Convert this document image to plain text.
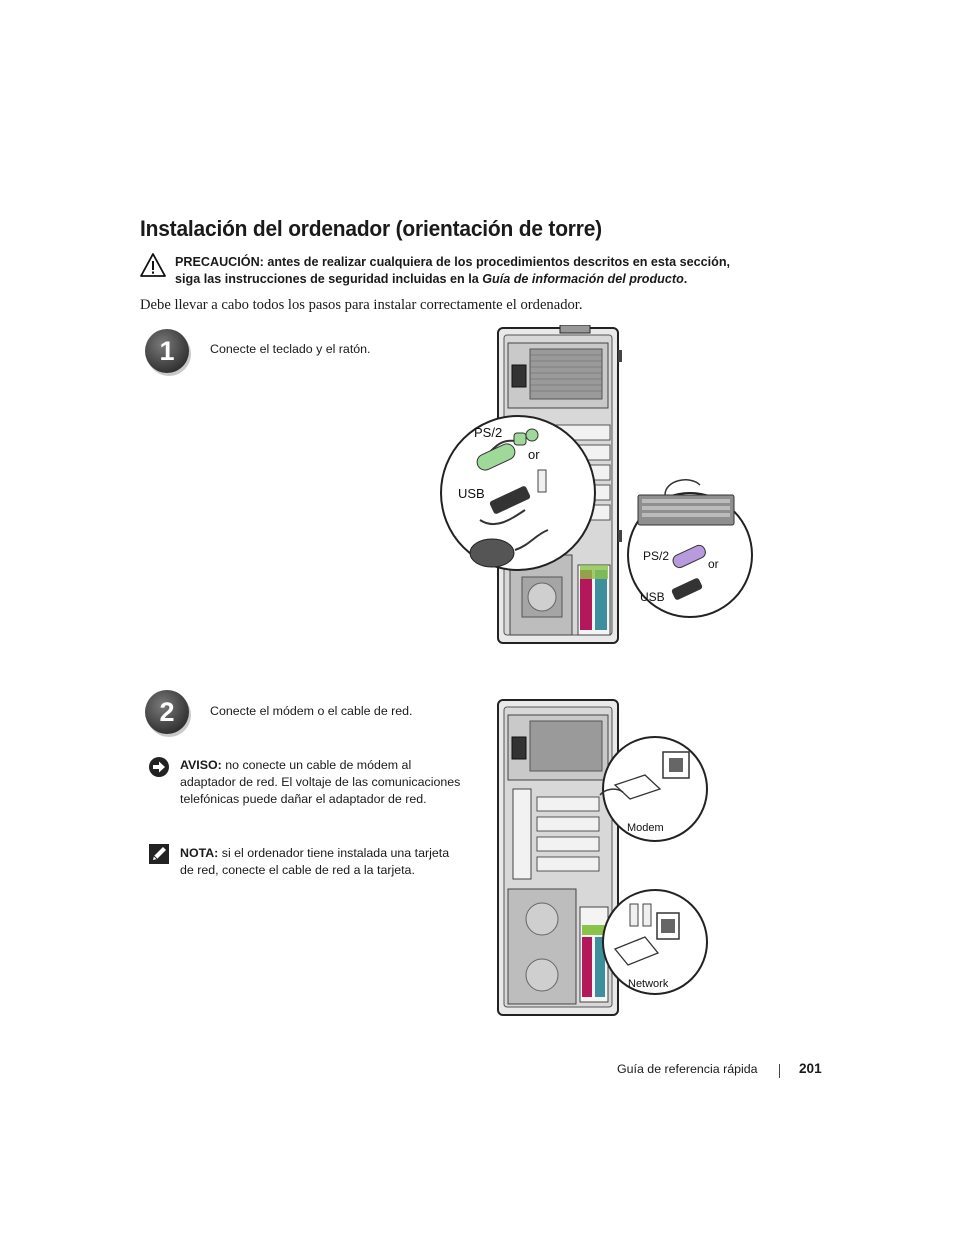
Instalación del ordenador (orientación de torre)
PRECAUCIÓN: antes de realizar cualquiera de los procedimientos descritos en esta sección,
siga las instrucciones de seguridad incluidas en la Guía de información del producto.
Debe llevar a cabo todos los pasos para instalar correctamente el ordenador.
1	Conecte el teclado y el ratón.
PS/2
or
USB
PS/2
or
USB
2	Conecte el módem o el cable de red.
AVISO: no conecte un cable de módem al
adaptador de red. El voltaje de las comunicaciones
telefónicas puede dañar el adaptador de red.
NOTA: si el ordenador tiene instalada una tarjeta
de red, conecte el cable de red a la tarjeta.
Modem
Network
Guía de referencia rápida	201
